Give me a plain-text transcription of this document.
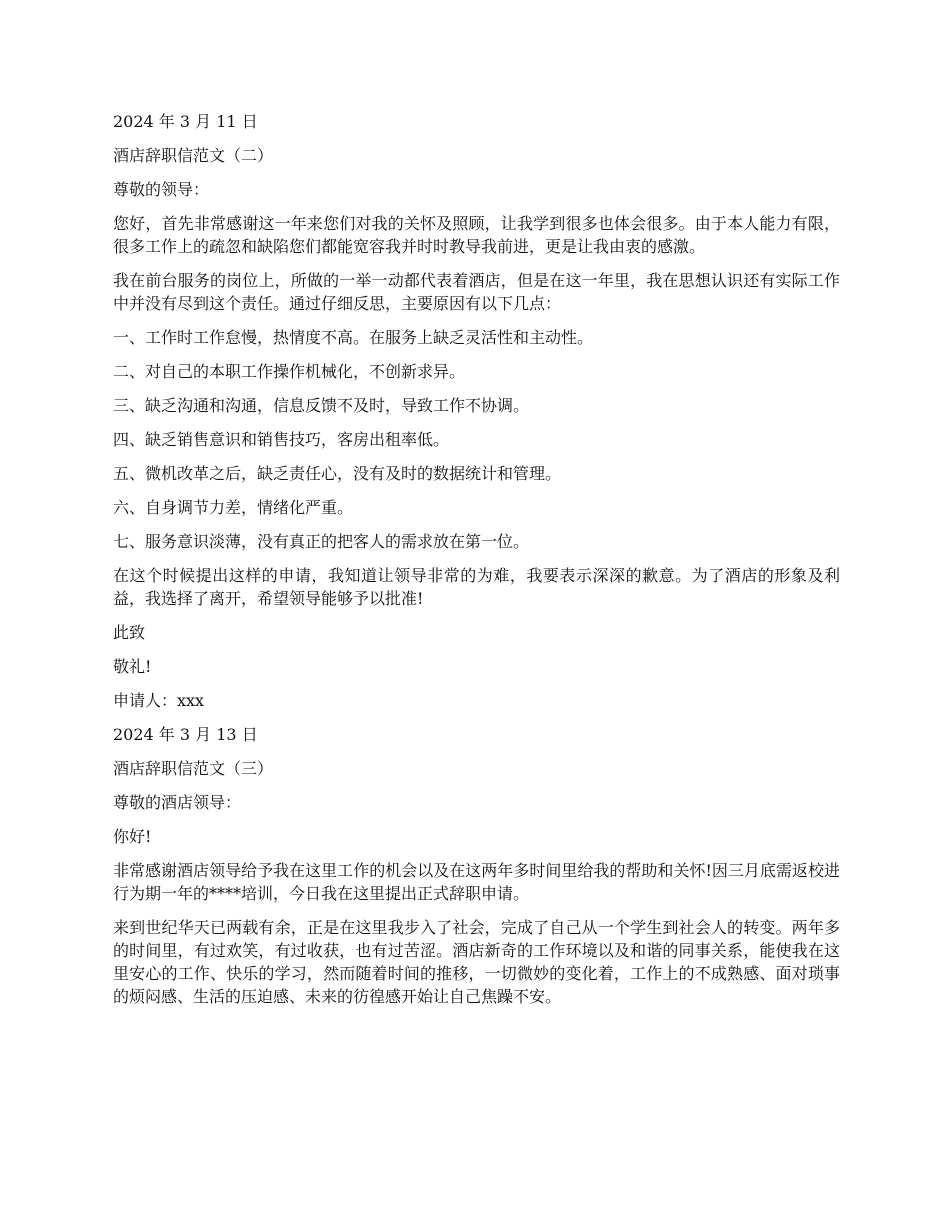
2024 年 3 月 11 日

酒店辞职信范文（二）

尊敬的领导：

您好，首先非常感谢这一年来您们对我的关怀及照顾，让我学到很多也体会很多。由于本人能力有限，很多工作上的疏忽和缺陷您们都能宽容我并时时教导我前进，更是让我由衷的感激。

我在前台服务的岗位上，所做的一举一动都代表着酒店，但是在这一年里，我在思想认识还有实际工作中并没有尽到这个责任。通过仔细反思，主要原因有以下几点：

一、工作时工作怠慢，热情度不高。在服务上缺乏灵活性和主动性。

二、对自己的本职工作操作机械化，不创新求异。

三、缺乏沟通和沟通，信息反馈不及时，导致工作不协调。

四、缺乏销售意识和销售技巧，客房出租率低。

五、微机改革之后，缺乏责任心，没有及时的数据统计和管理。

六、自身调节力差，情绪化严重。

七、服务意识淡薄，没有真正的把客人的需求放在第一位。

在这个时候提出这样的申请，我知道让领导非常的为难，我要表示深深的歉意。为了酒店的形象及利益，我选择了离开，希望领导能够予以批准!

此致

敬礼!

申请人：xxx

2024 年 3 月 13 日

酒店辞职信范文（三）

尊敬的酒店领导：

你好!

非常感谢酒店领导给予我在这里工作的机会以及在这两年多时间里给我的帮助和关怀!因三月底需返校进行为期一年的****培训，今日我在这里提出正式辞职申请。

来到世纪华天已两载有余，正是在这里我步入了社会，完成了自己从一个学生到社会人的转变。两年多的时间里，有过欢笑，有过收获，也有过苦涩。酒店新奇的工作环境以及和谐的同事关系，能使我在这里安心的工作、快乐的学习，然而随着时间的推移，一切微妙的变化着，工作上的不成熟感、面对琐事的烦闷感、生活的压迫感、未来的彷徨感开始让自己焦躁不安。
